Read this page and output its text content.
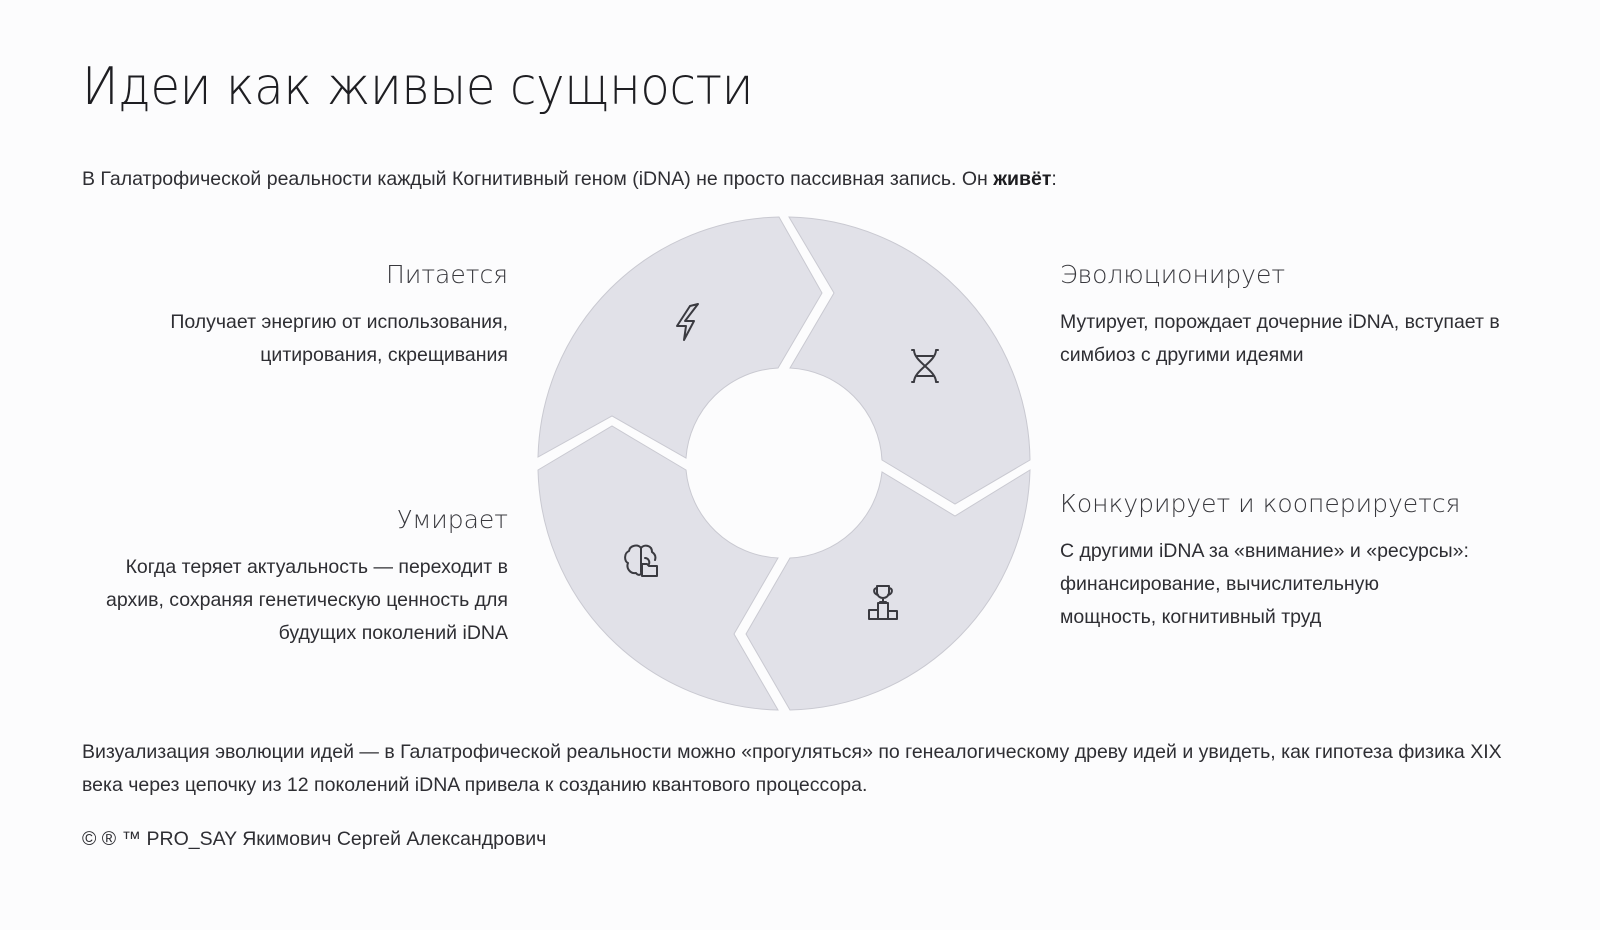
Идеи как живые сущности

В Галатрофической реальности каждый Когнитивный геном (iDNA) не просто пассивная запись. Он живёт:

Питается

Получает энергию от использования, цитирования, скрещивания

Эволюционирует

Мутирует, порождает дочерние iDNA, вступает в симбиоз с другими идеями

Умирает

Когда теряет актуальность — переходит в архив, сохраняя генетическую ценность для будущих поколений iDNA

Конкурирует и кооперируется

С другими iDNA за «внимание» и «ресурсы»: финансирование, вычислительную мощность, когнитивный труд

Визуализация эволюции идей — в Галатрофической реальности можно «прогуляться» по генеалогическому древу идей и увидеть, как гипотеза физика XIX века через цепочку из 12 поколений iDNA привела к созданию квантового процессора.

© ® ™ PRO_SAY Якимович Сергей Александрович
